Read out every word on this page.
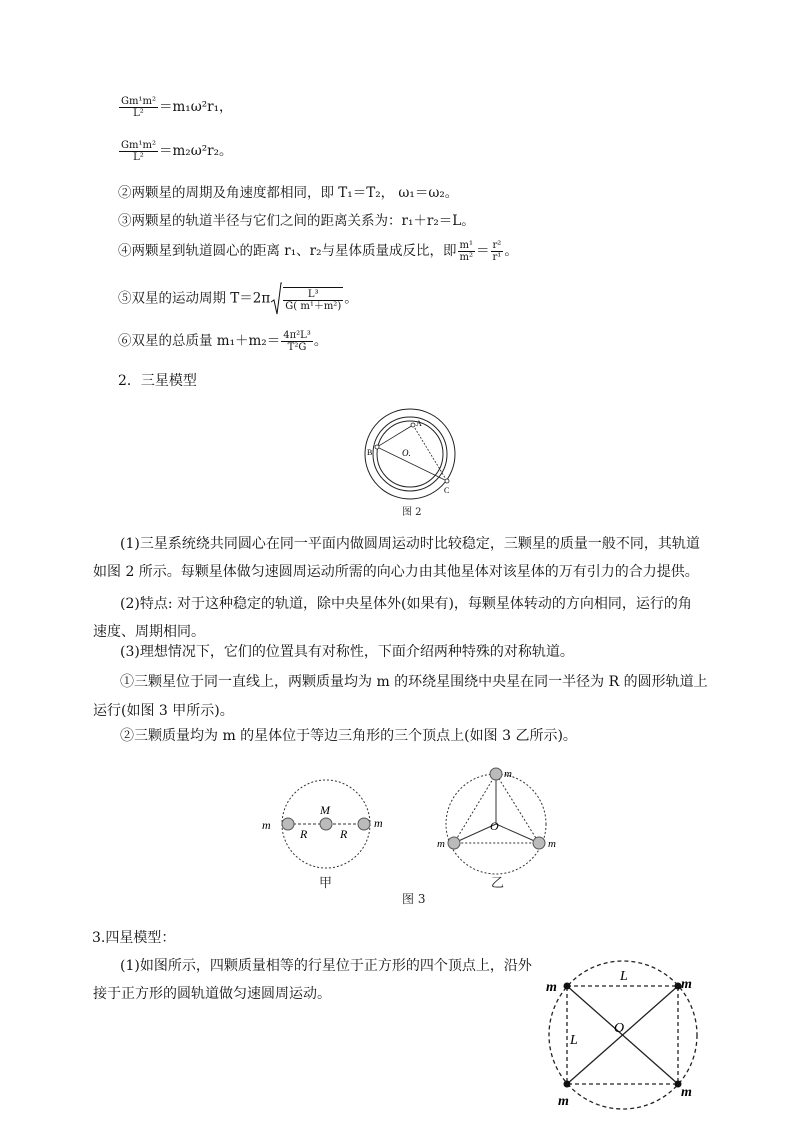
$\frac{\text{Gm¹m²}}{\text{L²}} =m_1\omega^2r_1$，
$\frac{\text{Gm¹m²}}{\text{L²}} =m_2\omega^2r_2$。
②两颗星的周期及角速度都相同，即 T₁＝T₂， ω₁＝ω₂。
③两颗星的轨道半径与它们之间的距离关系为：r₁＋r₂＝L。
④两颗星到轨道圆心的距离 r₁、r₂与星体质量成反比，即 $\frac{\text{m¹}}{\text{m²}} = \frac{\text{r²}}{\text{r¹}}$ 。
⑤双星的运动周期 $T=2\pi \frac{\text{L³}}{\text{G( m¹＋m²)}}$ 。
⑥双星的总质量 $m_1+m_2= \frac{\text{4π²L³}}{\text{T²G}}$ 。
2．三星模型
A
B
C
O.
图 2
(1)三星系统绕共同圆心在同一平面内做圆周运动时比较稳定，三颗星的质量一般不同，其轨道
如图 2 所示。每颗星体做匀速圆周运动所需的向心力由其他星体对该星体的万有引力的合力提供。
(2)特点: 对于这种稳定的轨道，除中央星体外(如果有)，每颗星体转动的方向相同，运行的角
速度、周期相同。
(3)理想情况下，它们的位置具有对称性，下面介绍两种特殊的对称轨道。
①三颗星位于同一直线上，两颗质量均为 m 的环绕星围绕中央星在同一半径为 R 的圆形轨道上
运行(如图 3 甲所示)。
②三颗质量均为 m 的星体位于等边三角形的三个顶点上(如图 3 乙所示)。
m
M
R	R
m
甲
O
m
m	m
乙
图 3
3.四星模型：
(1)如图所示，四颗质量相等的行星位于正方形的四个顶点上，沿外
接于正方形的圆轨道做匀速圆周运动。	m	m
m
m
L
L
O
